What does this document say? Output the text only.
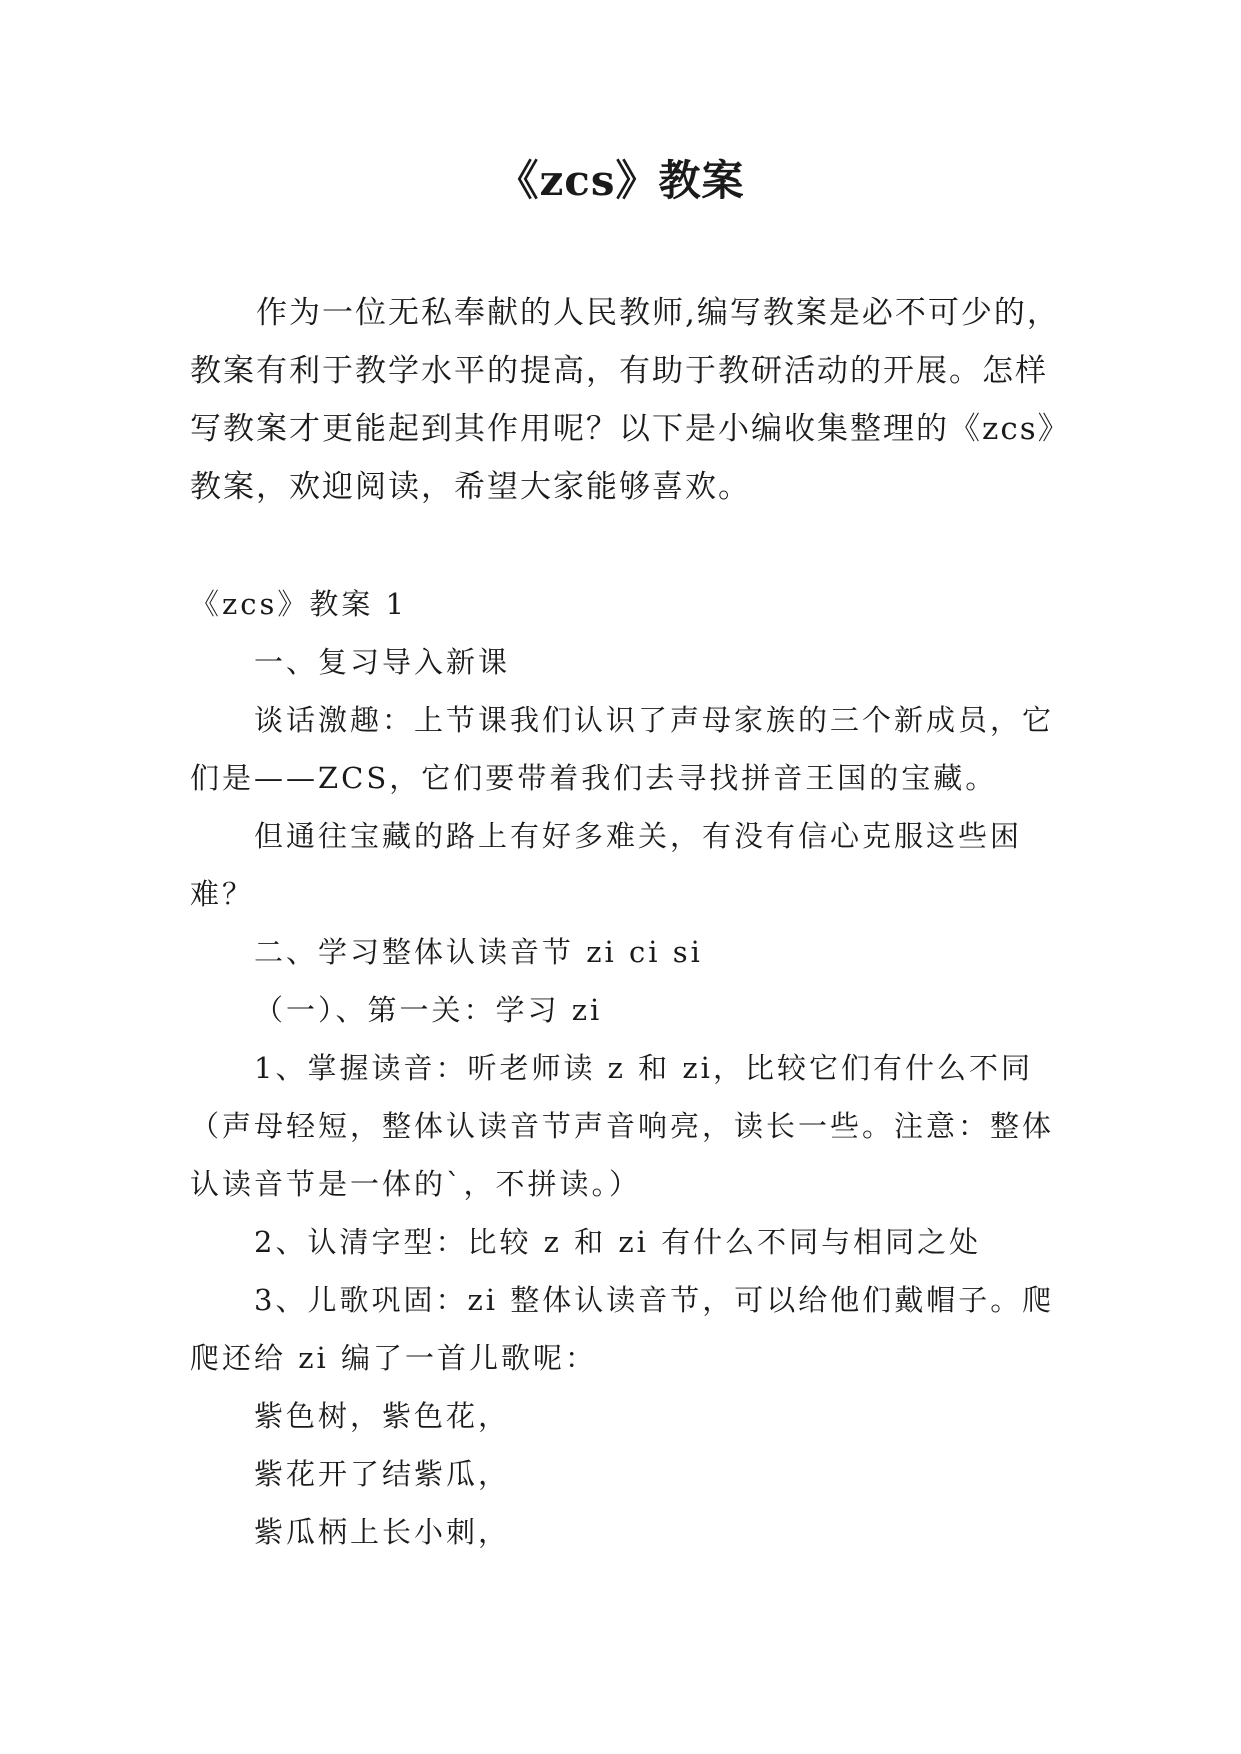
《zcs》教案

作为一位无私奉献的人民教师,编写教案是必不可少的，教案有利于教学水平的提高，有助于教研活动的开展。怎样写教案才更能起到其作用呢？以下是小编收集整理的《zcs》教案，欢迎阅读，希望大家能够喜欢。

《zcs》教案 1

一、复习导入新课

谈话激趣：上节课我们认识了声母家族的三个新成员，它们是——ZCS，它们要带着我们去寻找拼音王国的宝藏。

但通往宝藏的路上有好多难关，有没有信心克服这些困难？

二、学习整体认读音节 zi ci si

（一）、第一关：学习 zi

1、掌握读音：听老师读 z 和 zi，比较它们有什么不同（声母轻短，整体认读音节声音响亮，读长一些。注意：整体认读音节是一体的`，不拼读。）

2、认清字型：比较 z 和 zi 有什么不同与相同之处

3、儿歌巩固：zi 整体认读音节，可以给他们戴帽子。爬爬还给 zi 编了一首儿歌呢：

紫色树，紫色花，

紫花开了结紫瓜，

紫瓜柄上长小刺，
